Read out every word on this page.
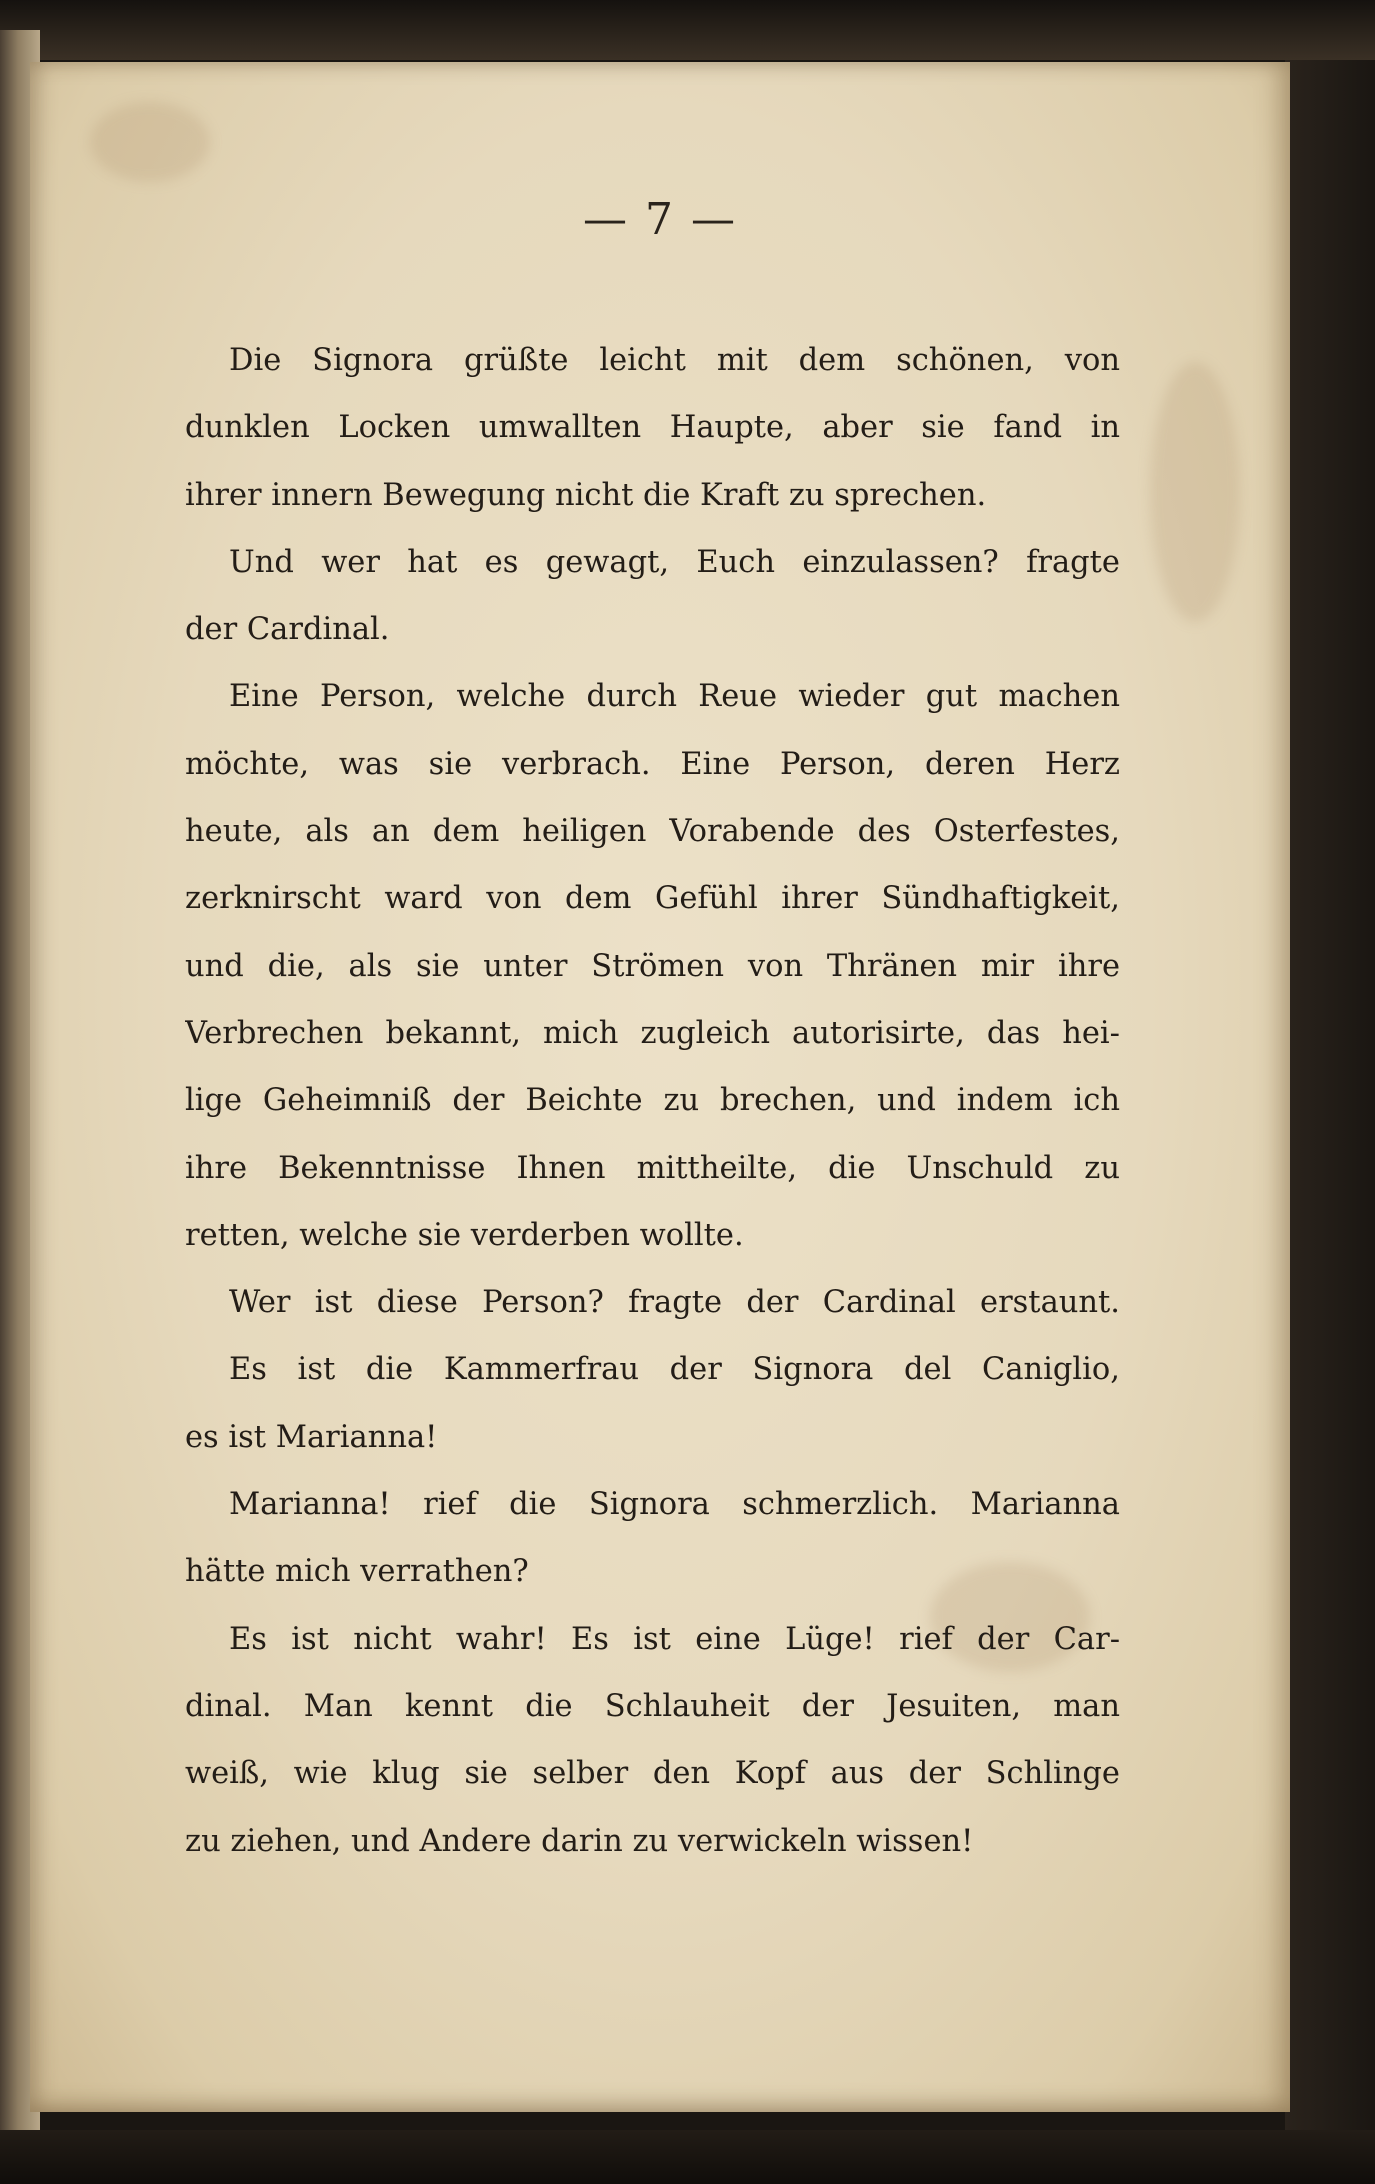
— 7 —
Die Signora grüßte leicht mit dem schönen, von
dunklen Locken umwallten Haupte, aber sie fand in
ihrer innern Bewegung nicht die Kraft zu sprechen.
Und wer hat es gewagt, Euch einzulassen? fragte
der Cardinal.
Eine Person, welche durch Reue wieder gut machen
möchte, was sie verbrach. Eine Person, deren Herz
heute, als an dem heiligen Vorabende des Osterfestes,
zerknirscht ward von dem Gefühl ihrer Sündhaftigkeit,
und die, als sie unter Strömen von Thränen mir ihre
Verbrechen bekannt, mich zugleich autorisirte, das hei-
lige Geheimniß der Beichte zu brechen, und indem ich
ihre Bekenntnisse Ihnen mittheilte, die Unschuld zu
retten, welche sie verderben wollte.
Wer ist diese Person? fragte der Cardinal erstaunt.
Es ist die Kammerfrau der Signora del Caniglio,
es ist Marianna!
Marianna! rief die Signora schmerzlich. Marianna
hätte mich verrathen?
Es ist nicht wahr! Es ist eine Lüge! rief der Car-
dinal. Man kennt die Schlauheit der Jesuiten, man
weiß, wie klug sie selber den Kopf aus der Schlinge
zu ziehen, und Andere darin zu verwickeln wissen!
